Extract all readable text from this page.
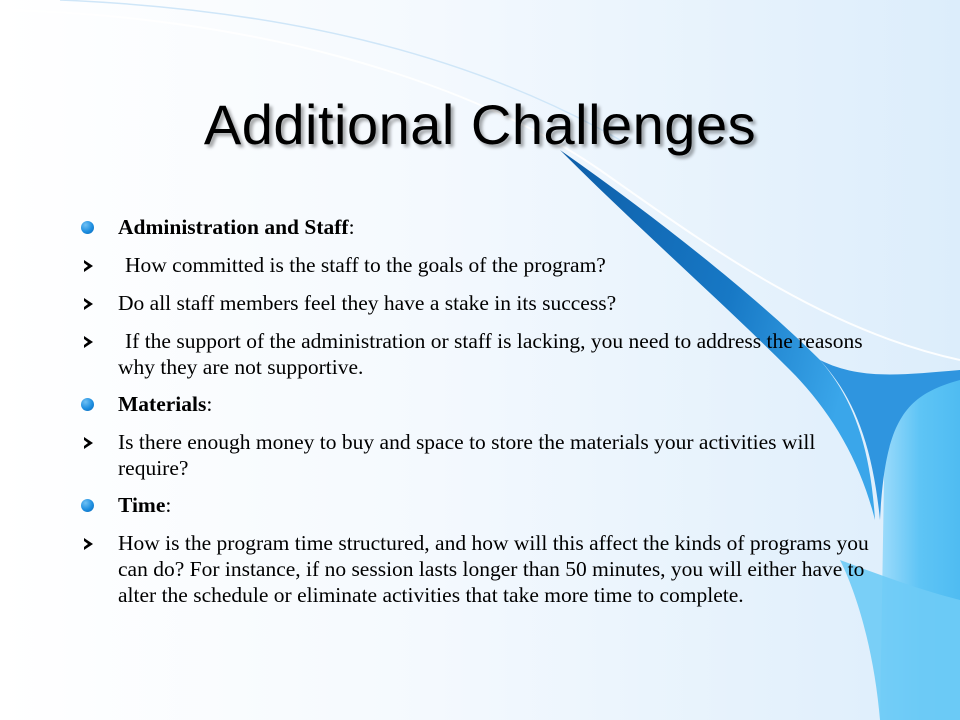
Additional Challenges
Administration and Staff:
How committed is the staff to the goals of the program?
Do all staff members feel they have a stake in its success?
If the support of the administration or staff is lacking, you need to address the reasons why they are not supportive.
Materials:
Is there enough money to buy and space to store the materials your activities will require?
Time:
How is the program time structured, and how will this affect the kinds of programs you can do? For instance, if no session lasts longer than 50 minutes, you will either have to alter the schedule or eliminate activities that take more time to complete.
